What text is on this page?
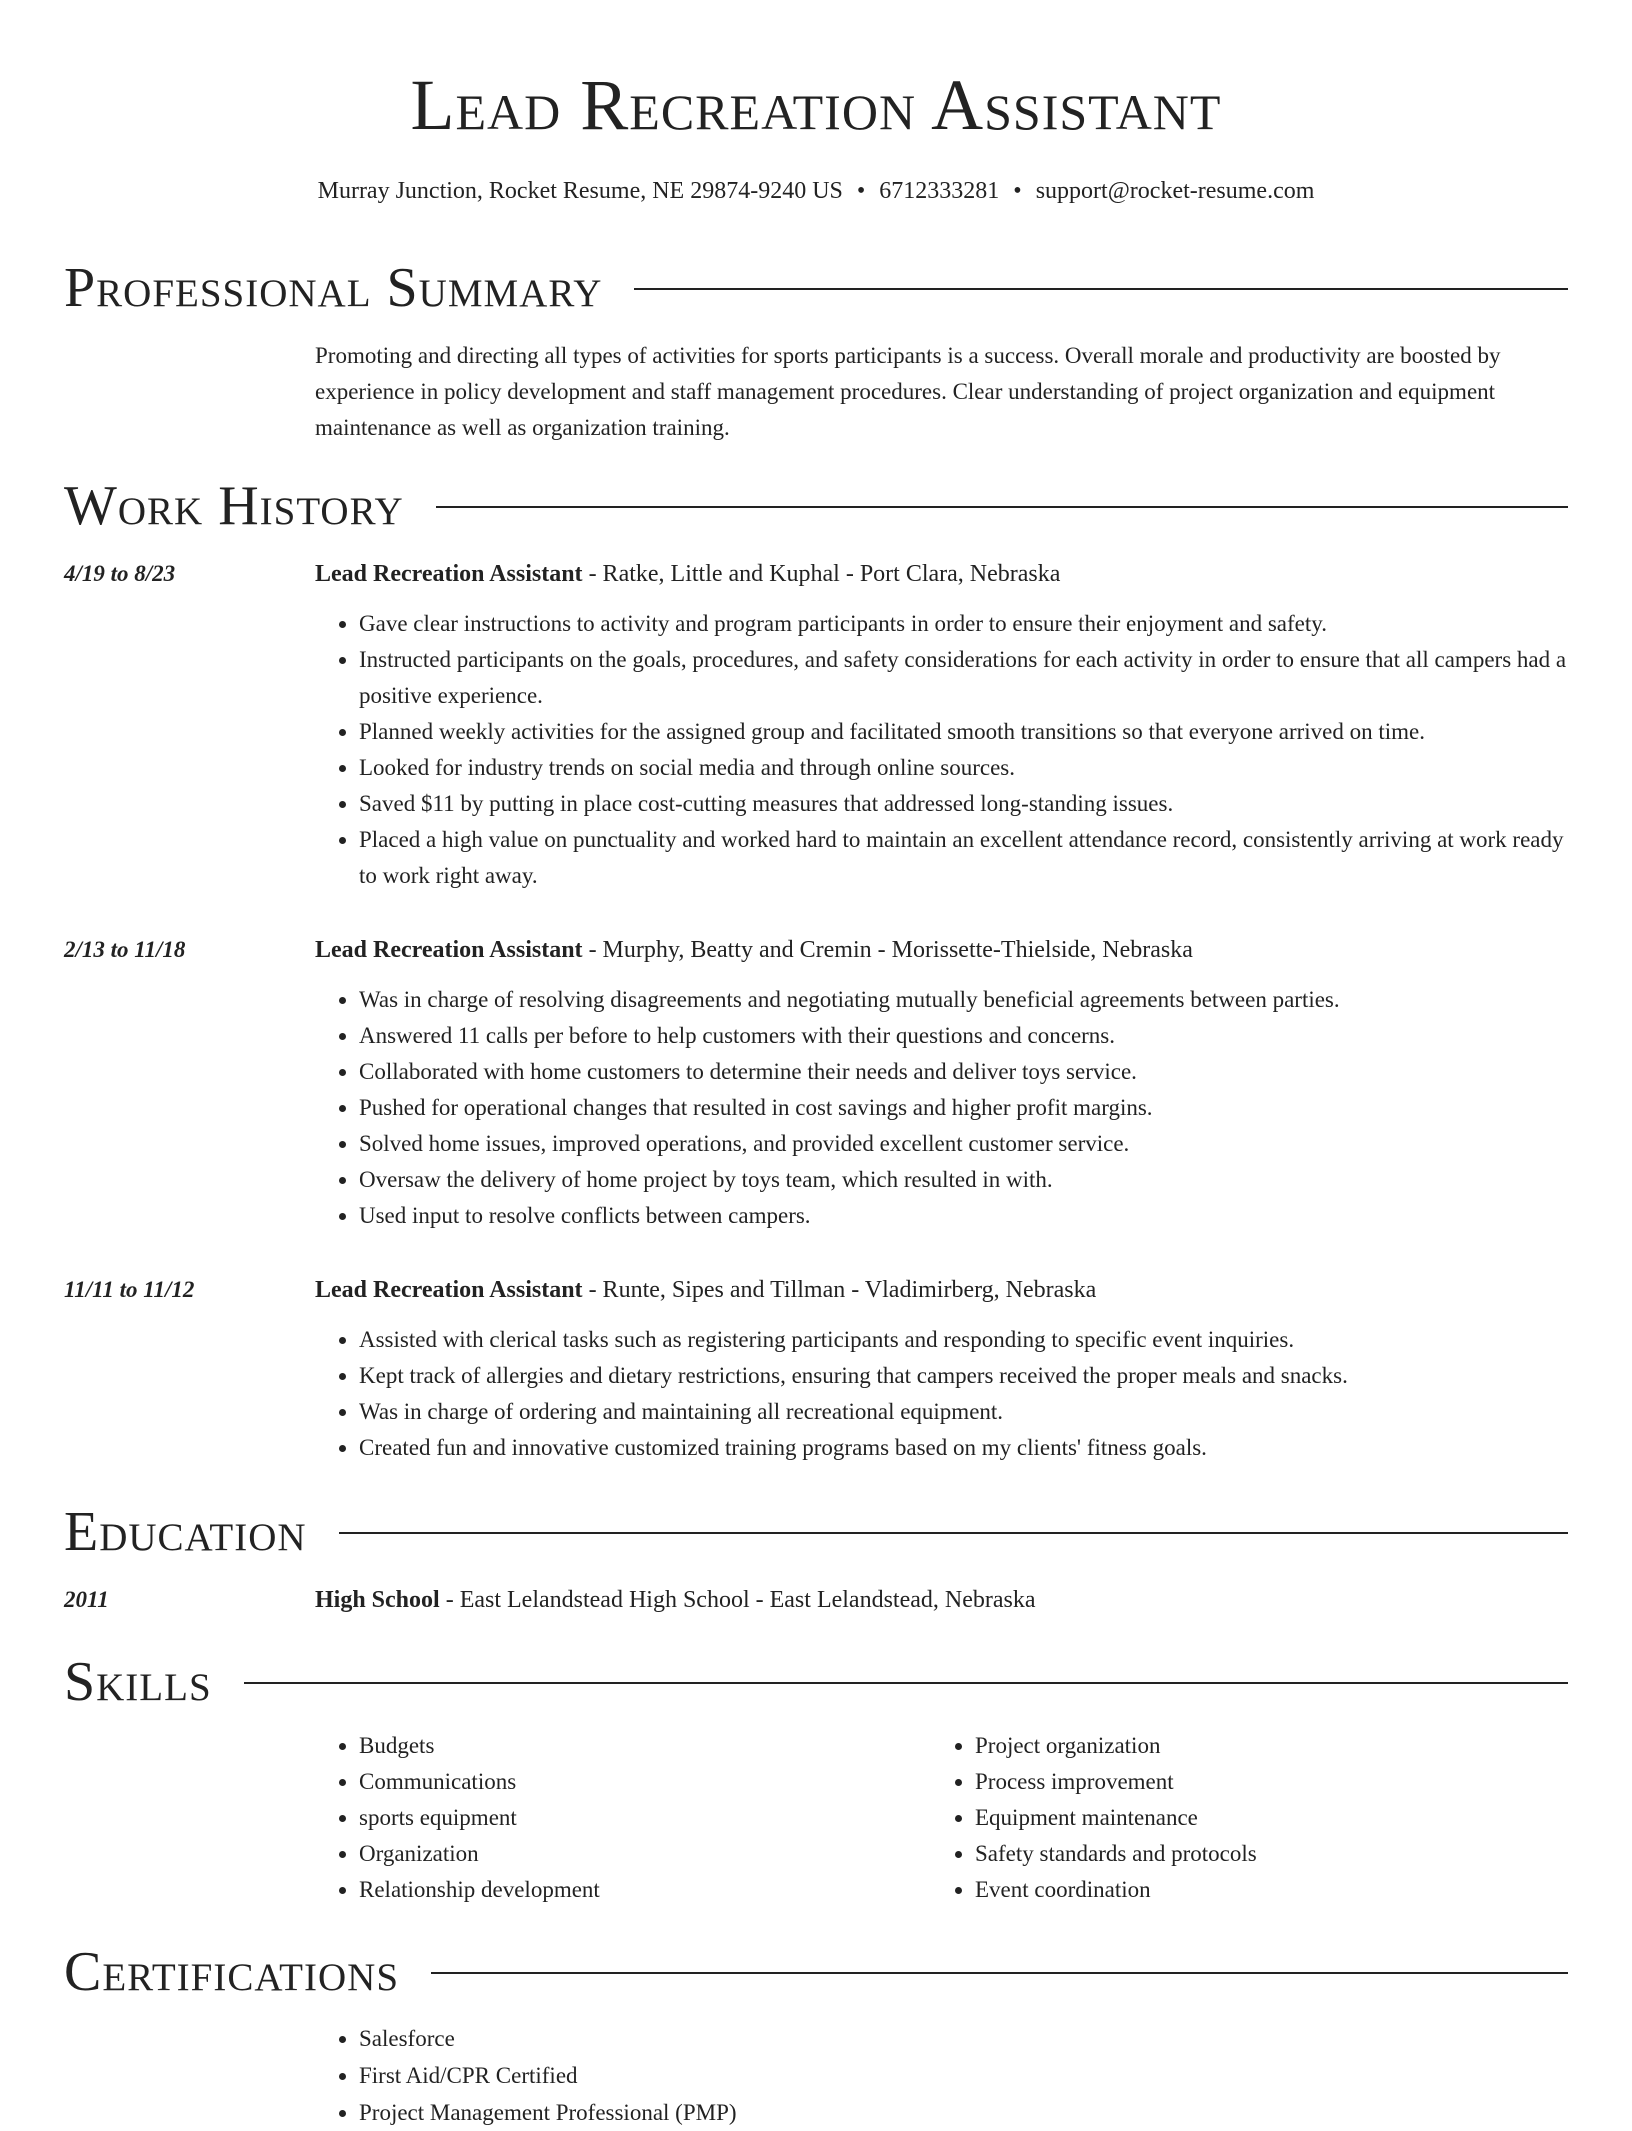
Lead Recreation Assistant
Murray Junction, Rocket Resume, NE 29874-9240 US • 6712333281 • support@rocket-resume.com
Professional Summary

Promoting and directing all types of activities for sports participants is a success. Overall morale and productivity are boosted by experience in policy development and staff management procedures. Clear understanding of project organization and equipment maintenance as well as organization training.

Work History
4/19 to 8/23	Lead Recreation Assistant - Ratke, Little and Kuphal - Port Clara, Nebraska
• Gave clear instructions to activity and program participants in order to ensure their enjoyment and safety.
• Instructed participants on the goals, procedures, and safety considerations for each activity in order to ensure that all campers had a positive experience.
• Planned weekly activities for the assigned group and facilitated smooth transitions so that everyone arrived on time.
• Looked for industry trends on social media and through online sources.
• Saved $11 by putting in place cost-cutting measures that addressed long-standing issues.
• Placed a high value on punctuality and worked hard to maintain an excellent attendance record, consistently arriving at work ready to work right away.
2/13 to 11/18	Lead Recreation Assistant - Murphy, Beatty and Cremin - Morissette-Thielside, Nebraska
• Was in charge of resolving disagreements and negotiating mutually beneficial agreements between parties.
• Answered 11 calls per before to help customers with their questions and concerns.
• Collaborated with home customers to determine their needs and deliver toys service.
• Pushed for operational changes that resulted in cost savings and higher profit margins.
• Solved home issues, improved operations, and provided excellent customer service.
• Oversaw the delivery of home project by toys team, which resulted in with.
• Used input to resolve conflicts between campers.
11/11 to 11/12	Lead Recreation Assistant - Runte, Sipes and Tillman - Vladimirberg, Nebraska
• Assisted with clerical tasks such as registering participants and responding to specific event inquiries.
• Kept track of allergies and dietary restrictions, ensuring that campers received the proper meals and snacks.
• Was in charge of ordering and maintaining all recreational equipment.
• Created fun and innovative customized training programs based on my clients' fitness goals.
Education
2011	High School - East Lelandstead High School - East Lelandstead, Nebraska
Skills
• Budgets
• Communications
• sports equipment
• Organization
• Relationship development
• Project organization
• Process improvement
• Equipment maintenance
• Safety standards and protocols
• Event coordination
Certifications
• Salesforce
• First Aid/CPR Certified
• Project Management Professional (PMP)
